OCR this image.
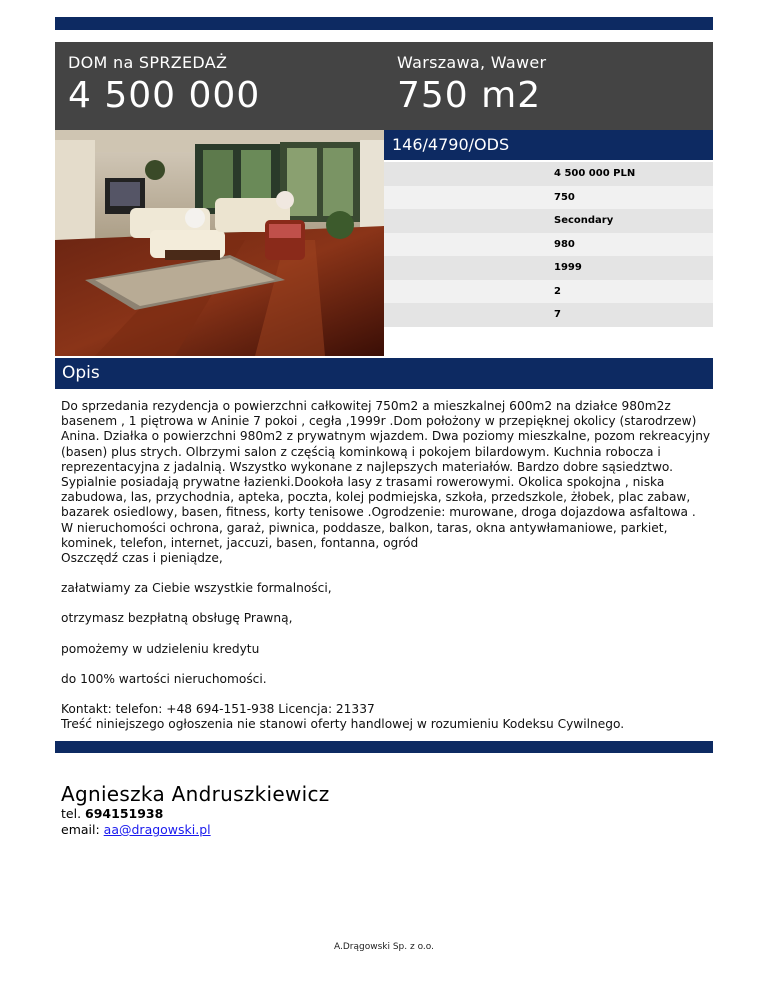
DOM na SPRZEDAŻ
4 500 000
Warszawa, Wawer
750 m2
146/4790/ODS
4 500 000 PLN
750
Secondary
980
1999
2
7
Opis

Do sprzedania rezydencja o powierzchni całkowitej 750m2 a mieszkalnej 600m2 na działce 980m2z basenem , 1 piętrowa w Aninie 7 pokoi , cegła ,1999r .Dom położony w przepięknej okolicy (starodrzew) Anina. Działka o powierzchni 980m2 z prywatnym wjazdem. Dwa poziomy mieszkalne, pozom rekreacyjny (basen) plus strych. Olbrzymi salon z częścią kominkową i pokojem bilardowym. Kuchnia robocza i reprezentacyjna z jadalnią. Wszystko wykonane z najlepszych materiałów. Bardzo dobre sąsiedztwo. Sypialnie posiadają prywatne łazienki.Dookoła lasy z trasami rowerowymi. Okolica spokojna , niska zabudowa, las, przychodnia, apteka, poczta, kolej podmiejska, szkoła, przedszkole, żłobek, plac zabaw, bazarek osiedlowy, basen, fitness, korty tenisowe .Ogrodzenie: murowane, droga dojazdowa asfaltowa . W nieruchomości ochrona, garaż, piwnica, poddasze, balkon, taras, okna antywłamaniowe, parkiet, kominek, telefon, internet, jaccuzi, basen, fontanna, ogród

Oszczędź czas i pieniądze,

załatwiamy za Ciebie wszystkie formalności,

otrzymasz bezpłatną obsługę Prawną,

pomożemy w udzieleniu kredytu

do 100% wartości nieruchomości.

Kontakt: telefon: +48 694-151-938 Licencja: 21337

Treść niniejszego ogłoszenia nie stanowi oferty handlowej w rozumieniu Kodeksu Cywilnego.

Agnieszka Andruszkiewicz
tel. 694151938
email: aa@dragowski.pl
A.Drągowski Sp. z o.o.
